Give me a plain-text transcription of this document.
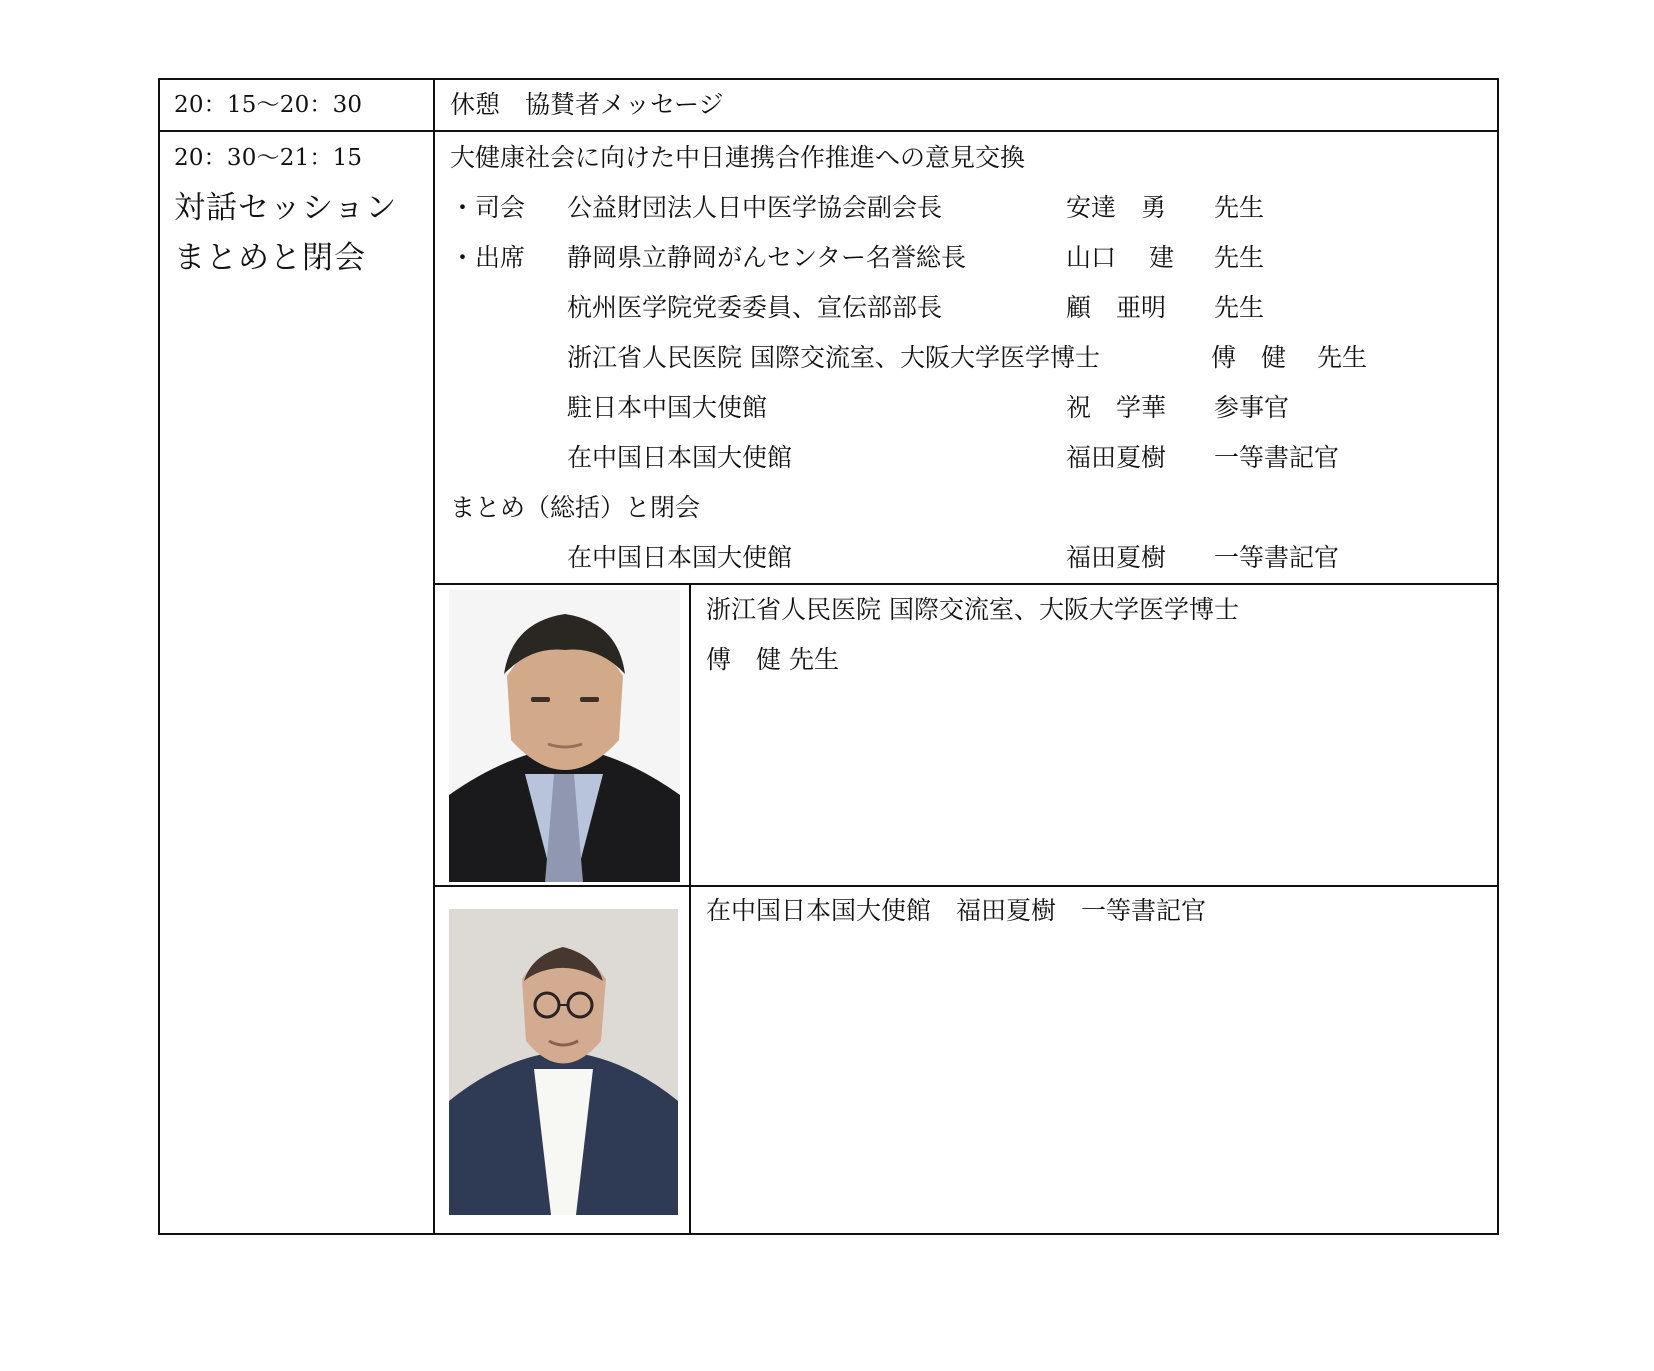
20：15～20：30	休憩　協賛者メッセージ
20：30～21：15
対話セッション
まとめと閉会
大健康社会に向けた中日連携合作推進への意見交換
・司会 公益財団法人日中医学協会副会長	安達　勇 先生
・出席 静岡県立静岡がんセンター名誉総長	山口　 建 先生
杭州医学院党委委員、宣伝部部長	顧　亜明 先生
浙江省人民医院 国際交流室、大阪大学医学博士	傅　健 先生
駐日本中国大使館	祝　学華 参事官
在中国日本国大使館	福田夏樹 一等書記官
まとめ（総括）と閉会
在中国日本国大使館	福田夏樹 一等書記官
浙江省人民医院 国際交流室、大阪大学医学博士
傅　健 先生
在中国日本国大使館　福田夏樹　一等書記官
